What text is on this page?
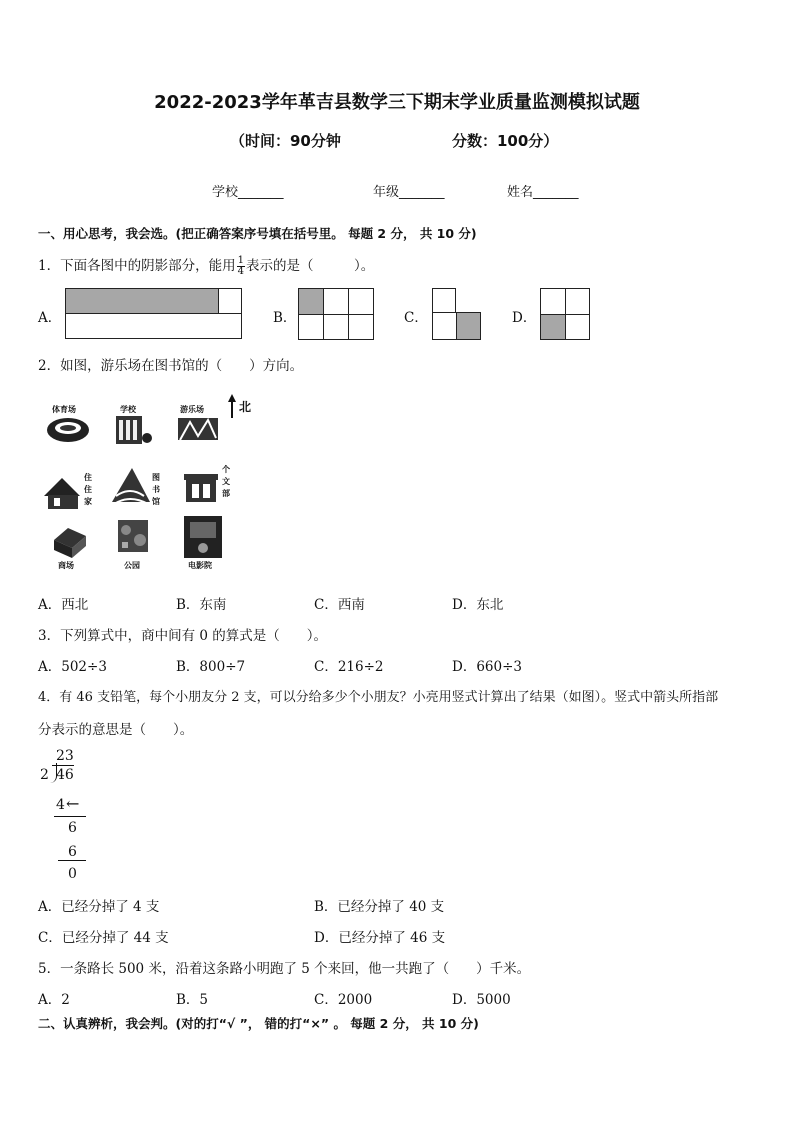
2022-2023学年革吉县数学三下期末学业质量监测模拟试题
（时间：90分钟	分数：100分）
学校_______	年级_______	姓名_______
一、用心思考，我会选。(把正确答案序号填在括号里。 每题 2 分， 共 10 分)
1．下面各图中的阴影部分，能用 $\frac{1}{4}$ 表示的是（　　　）。
A．
		B．

			C．	D．

2．如图，游乐场在图书馆的（　　）方向。
体育场	学校	游乐场	北
住
住
家
图
书
馆
个
文
部
商场	公园	电影院
A．西北	B．东南	C．西南	D．东北
3．下列算式中，商中间有 0 的算式是（　　）。
A．502÷3	B．800÷7	C．216÷2	D．660÷3
4．有 46 支铅笔，每个小朋友分 2 支，可以分给多少个小朋友？小亮用竖式计算出了结果（如图）。竖式中箭头所指部
分表示的意思是（　　）。
23
2 46
4 ←
6
6
0
A．已经分掉了 4 支	B．已经分掉了 40 支
C．已经分掉了 44 支	D．已经分掉了 46 支
5．一条路长 500 米，沿着这条路小明跑了 5 个来回，他一共跑了（　　）千米。
A．2	B．5	C．2000	D．5000
二、认真辨析，我会判。(对的打“√ ”， 错的打“×” 。 每题 2 分， 共 10 分)
